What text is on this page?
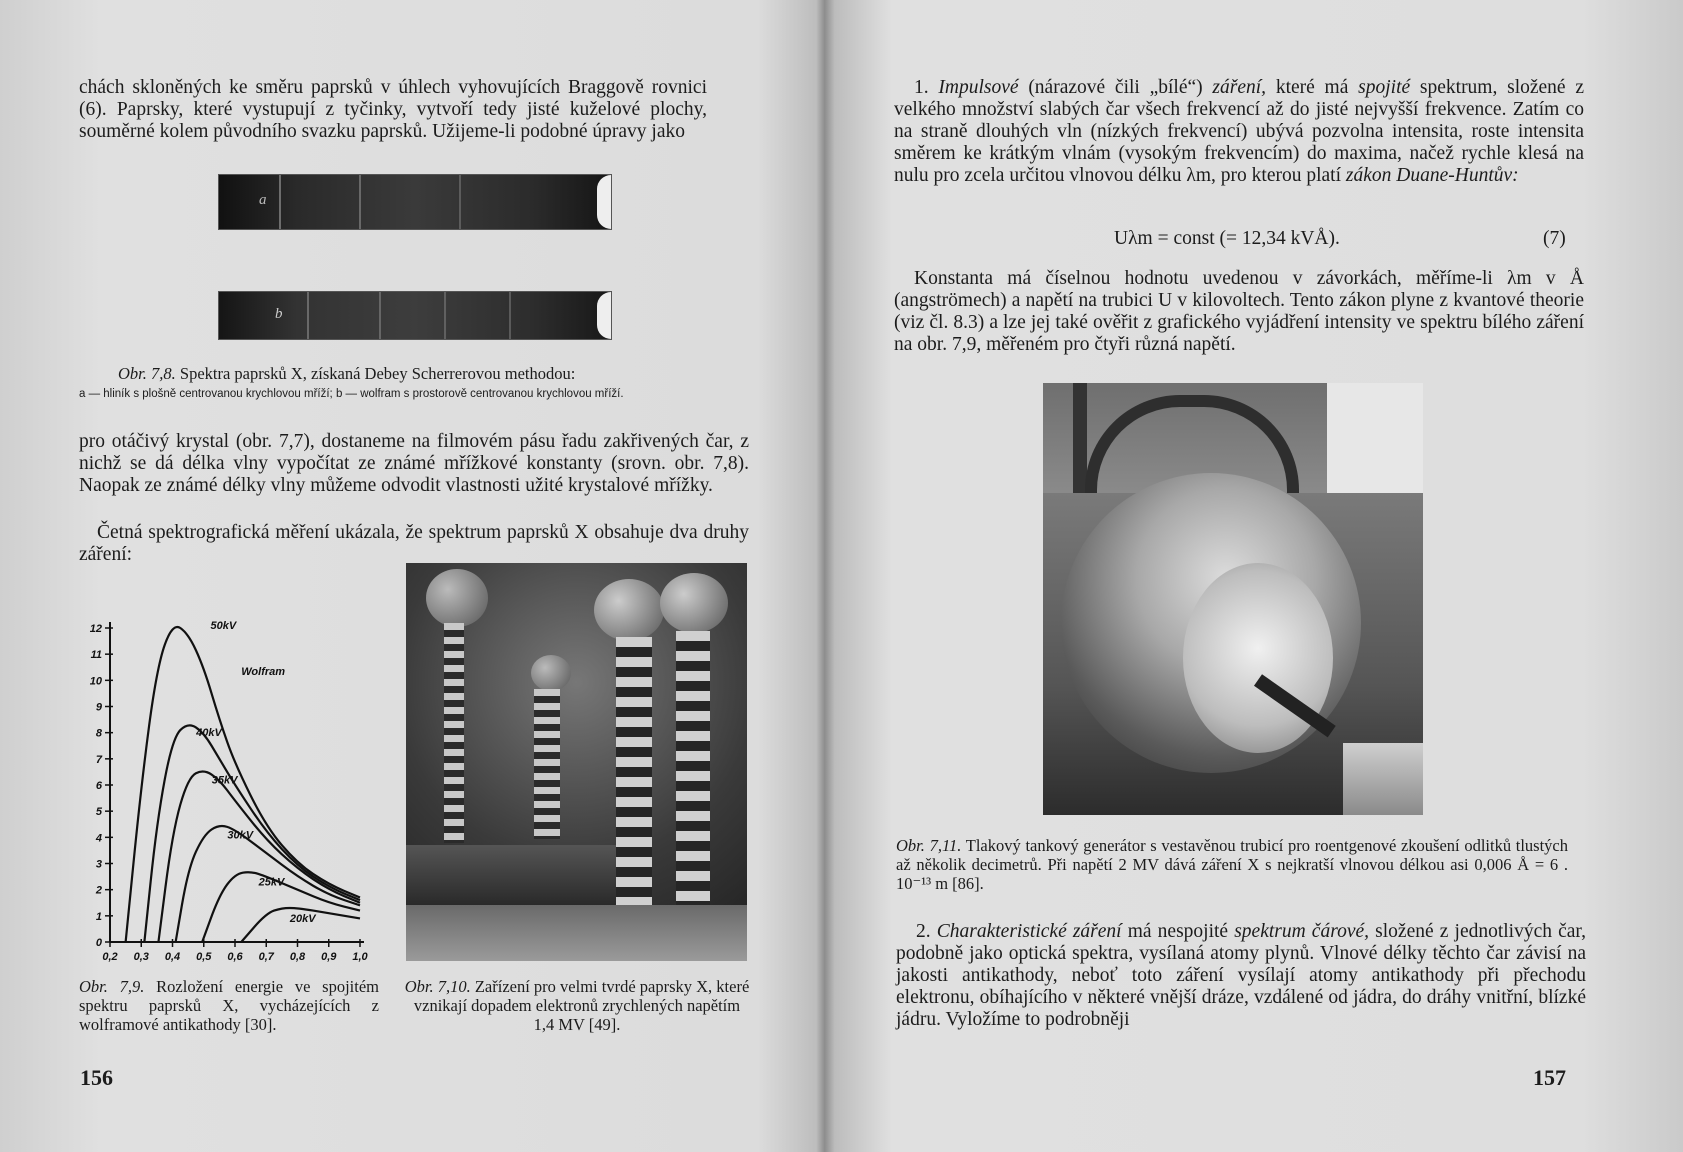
chách skloněných ke směru paprsků v úhlech vyhovujících Braggově rovnici (6). Paprsky, které vystupují z tyčinky, vytvoří tedy jisté kuželové plochy, souměrné kolem původního svazku paprsků. Užijeme-li podobné úpravy jako

a
b

Obr. 7,8. Spektra paprsků X, získaná Debey Scherrerovou methodou:

a — hliník s plošně centrovanou krychlovou mříží; b — wolfram s prostorově centrovanou krychlovou mříží.

pro otáčivý krystal (obr. 7,7), dostaneme na filmovém pásu řadu zakřivených čar, z nichž se dá délka vlny vypočítat ze známé mřížkové konstanty (srovn. obr. 7,8). Naopak ze známé délky vlny můžeme odvodit vlastnosti užité krystalové mřížky.

Četná spektrografická měření ukázala, že spektrum paprsků X obsahuje dva druhy záření:

0
1
2
3
4
5
6
7
8
9
10
11
12
0,2 0,3 0,4 0,5 0,6 0,7 0,8 0,9 1,0
50kV
40kV
35kV
30kV
25kV
20kV
Wolfram

Obr. 7,9. Rozložení energie ve spojitém spektru paprsků X, vycházejících z wolframové antikathody [30].

Obr. 7,10. Zařízení pro velmi tvrdé paprsky X, které vznikají dopadem elektronů zrychlených napětím 1,4 MV [49].

156

1. Impulsové (nárazové čili „bílé“) záření, které má spojité spektrum, složené z velkého množství slabých čar všech frekvencí až do jisté nejvyšší frekvence. Zatím co na straně dlouhých vln (nízkých frekvencí) ubývá pozvolna intensita, roste intensita směrem ke krátkým vlnám (vysokým frekvencím) do maxima, načež rychle klesá na nulu pro zcela určitou vlnovou délku λm, pro kterou platí zákon Duane-Huntův:

Uλm = const (= 12,34 kVÅ).	(7)

Konstanta má číselnou hodnotu uvedenou v závorkách, měříme-li λm v Å (angströmech) a napětí na trubici U v kilovoltech. Tento zákon plyne z kvantové theorie (viz čl. 8.3) a lze jej také ověřit z grafického vyjádření intensity ve spektru bílého záření na obr. 7,9, měřeném pro čtyři různá napětí.

Obr. 7,11. Tlakový tankový generátor s vestavěnou trubicí pro roentgenové zkoušení odlitků tlustých až několik decimetrů. Při napětí 2 MV dává záření X s nejkratší vlnovou délkou asi 0,006 Å = 6 . 10⁻¹³ m [86].

2. Charakteristické záření má nespojité spektrum čárové, složené z jednotlivých čar, podobně jako optická spektra, vysílaná atomy plynů. Vlnové délky těchto čar závisí na jakosti antikathody, neboť toto záření vysílají atomy antikathody při přechodu elektronu, obíhajícího v některé vnější dráze, vzdálené od jádra, do dráhy vnitřní, blízké jádru. Vyložíme to podrobněji

157
